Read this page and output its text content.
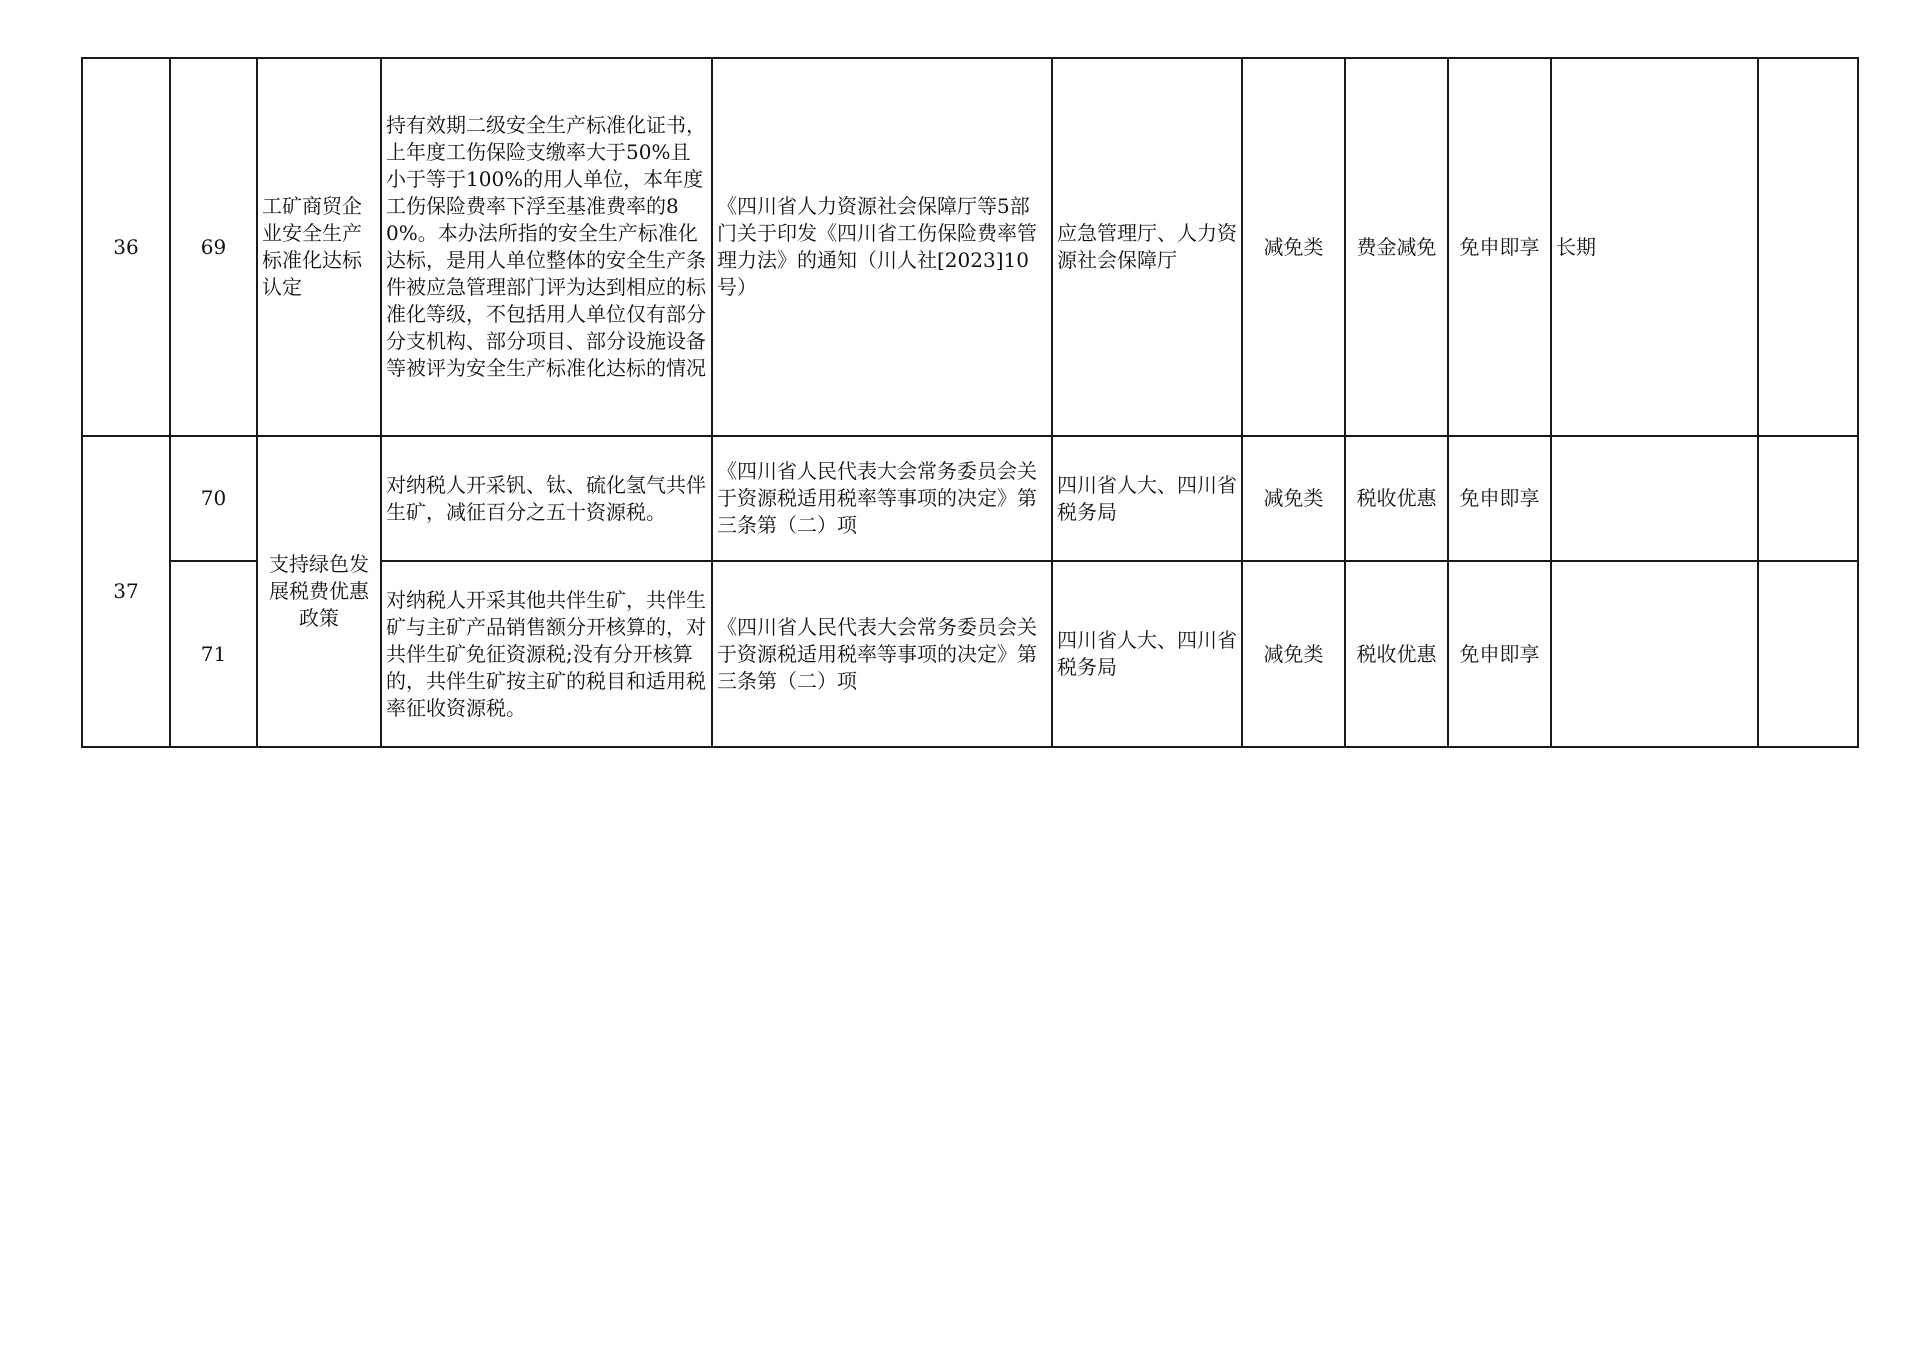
36	69	工矿商贸企业安全生产标准化达标认定	持有效期二级安全生产标准化证书，上年度工伤保险支缴率大于50%且小于等于100%的用人单位，本年度工伤保险费率下浮至基准费率的80%。本办法所指的安全生产标准化达标，是用人单位整体的安全生产条件被应急管理部门评为达到相应的标准化等级，不包括用人单位仅有部分分支机构、部分项目、部分设施设备等被评为安全生产标准化达标的情况	《四川省人力资源社会保障厅等5部门关于印发《四川省工伤保险费率管理力法》的通知（川人社[2023]10号）	应急管理厅、人力资源社会保障厅	减免类	费金减免	免申即享	长期	
37	70	支持绿色发展税费优惠政策	对纳税人开采钒、钛、硫化氢气共伴生矿，减征百分之五十资源税。	《四川省人民代表大会常务委员会关于资源税适用税率等事项的决定》第三条第（二）项	四川省人大、四川省税务局	减免类	税收优惠	免申即享		
	71		对纳税人开采其他共伴生矿，共伴生矿与主矿产品销售额分开核算的，对共伴生矿免征资源税;没有分开核算的，共伴生矿按主矿的税目和适用税率征收资源税。	《四川省人民代表大会常务委员会关于资源税适用税率等事项的决定》第三条第（二）项	四川省人大、四川省税务局	减免类	税收优惠	免申即享		
